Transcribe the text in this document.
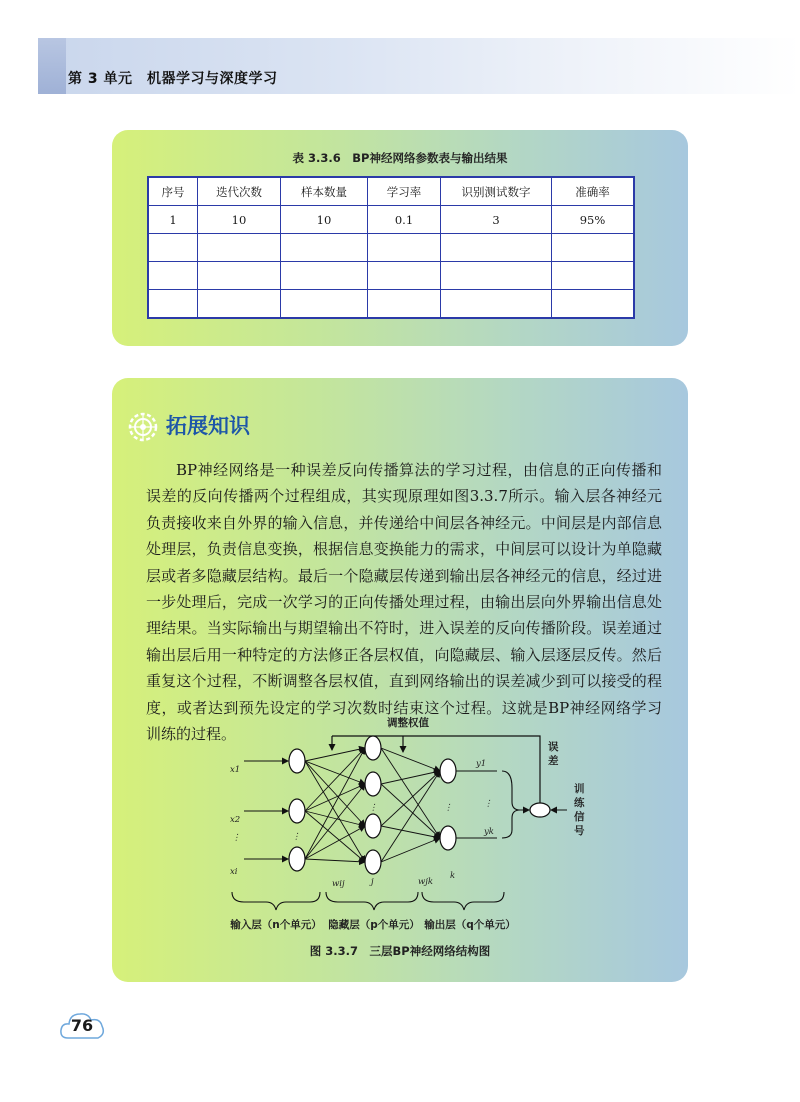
第 3 单元　机器学习与深度学习
表 3.3.6　BP神经网络参数表与输出结果
序号	迭代次数	样本数量	学习率	识别测试数字	准确率
1	10	10	0.1	3	95%

拓展知识

BP神经网络是一种误差反向传播算法的学习过程，由信息的正向传播和误差的反向传播两个过程组成，其实现原理如图3.3.7所示。输入层各神经元负责接收来自外界的输入信息，并传递给中间层各神经元。中间层是内部信息处理层，负责信息变换，根据信息变换能力的需求，中间层可以设计为单隐藏层或者多隐藏层结构。最后一个隐藏层传递到输出层各神经元的信息，经过进一步处理后，完成一次学习的正向传播处理过程，由输出层向外界输出信息处理结果。当实际输出与期望输出不符时，进入误差的反向传播阶段。误差通过输出层后用一种特定的方法修正各层权值，向隐藏层、输入层逐层反传。然后重复这个过程，不断调整各层权值，直到网络输出的误差减少到可以接受的程度，或者达到预先设定的学习次数时结束这个过程。这就是BP神经网络学习训练的过程。

调整权值
误
差
⋮
x1
x2
⋮
xi
⋮	⋮
y1
yk
⋮
训
练
信
号
wij	j	wjk
k
输入层（n个单元） 隐藏层（p个单元） 输出层（q个单元）
图 3.3.7　三层BP神经网络结构图
76
